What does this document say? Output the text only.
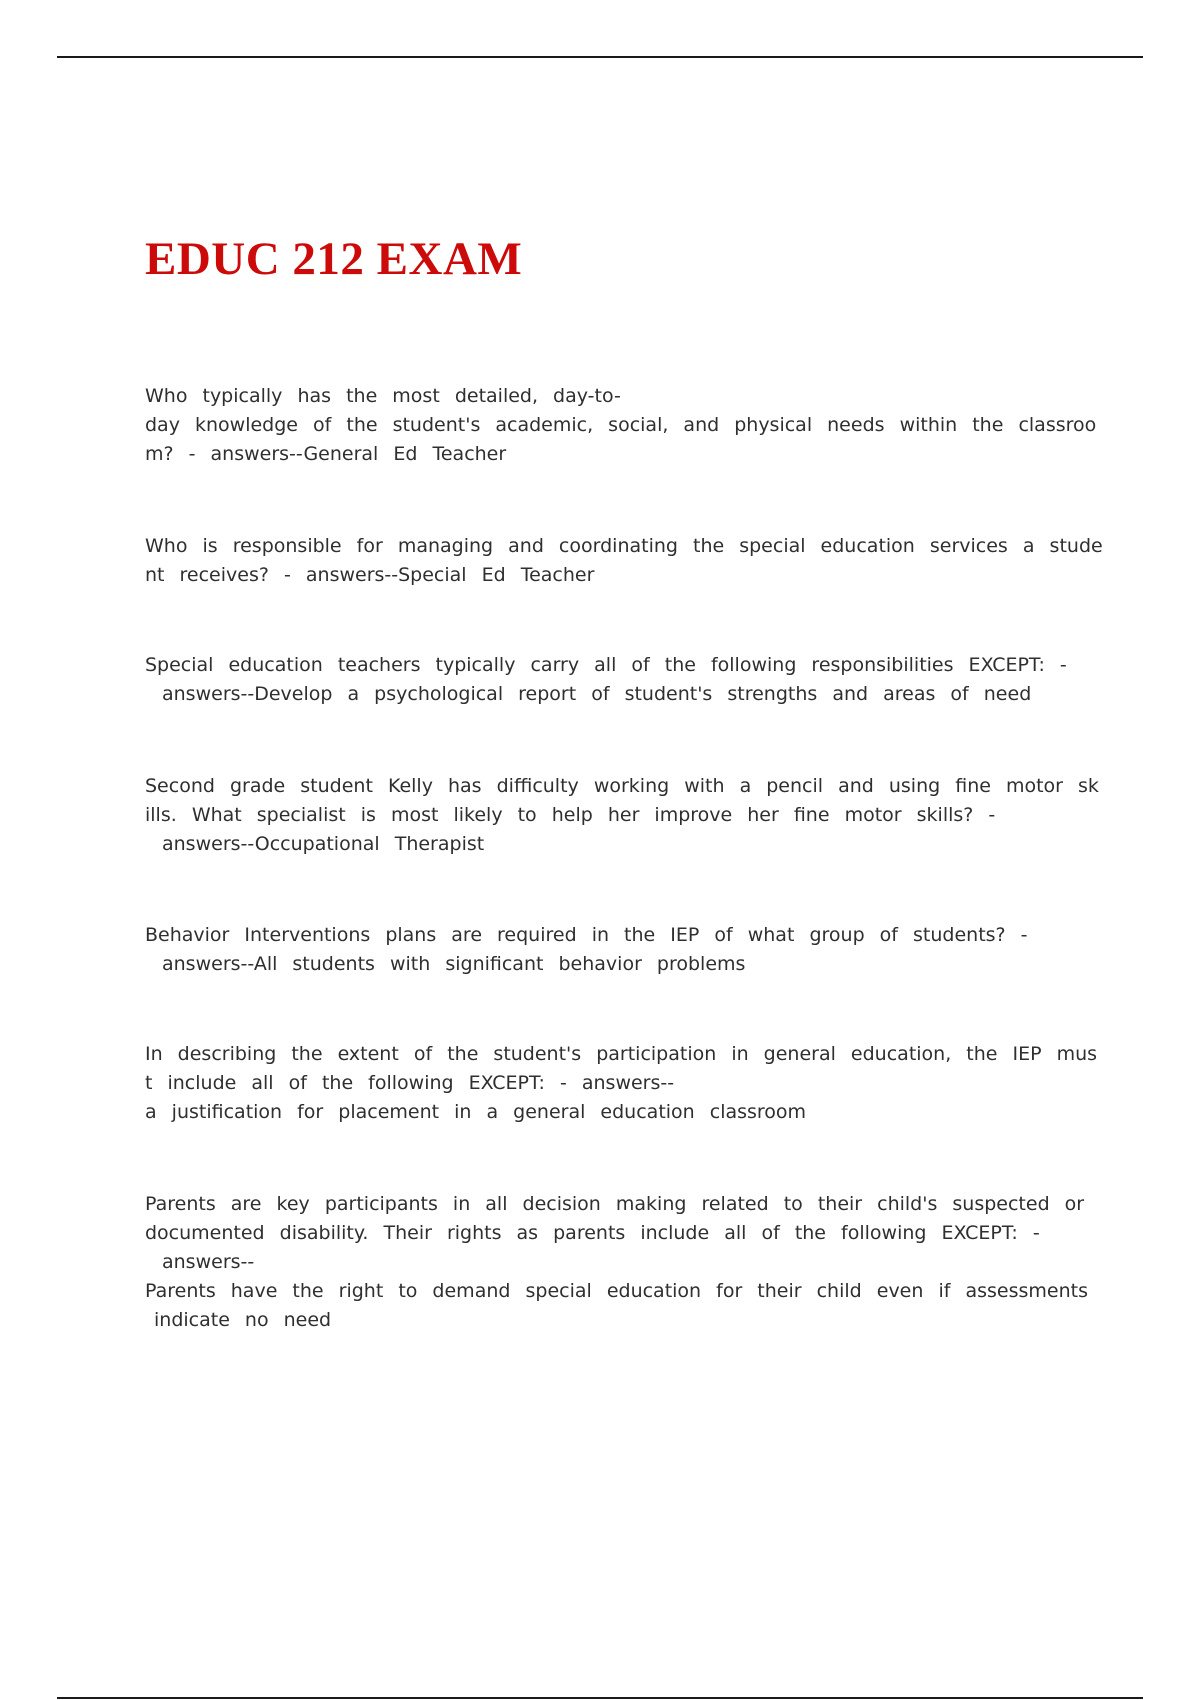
EDUC 212 EXAM
Who typically has the most detailed, day-to-
day knowledge of the student's academic, social, and physical needs within the classroo
m? - answers--General Ed Teacher
Who is responsible for managing and coordinating the special education services a stude
nt receives? - answers--Special Ed Teacher
Special education teachers typically carry all of the following responsibilities EXCEPT: -
answers--Develop a psychological report of student's strengths and areas of need
Second grade student Kelly has difficulty working with a pencil and using fine motor sk
ills. What specialist is most likely to help her improve her fine motor skills? -
answers--Occupational Therapist
Behavior Interventions plans are required in the IEP of what group of students? -
answers--All students with significant behavior problems
In describing the extent of the student's participation in general education, the IEP mus
t include all of the following EXCEPT: - answers--
a justification for placement in a general education classroom
Parents are key participants in all decision making related to their child's suspected or
documented disability. Their rights as parents include all of the following EXCEPT: -
answers--
Parents have the right to demand special education for their child even if assessments
indicate no need
